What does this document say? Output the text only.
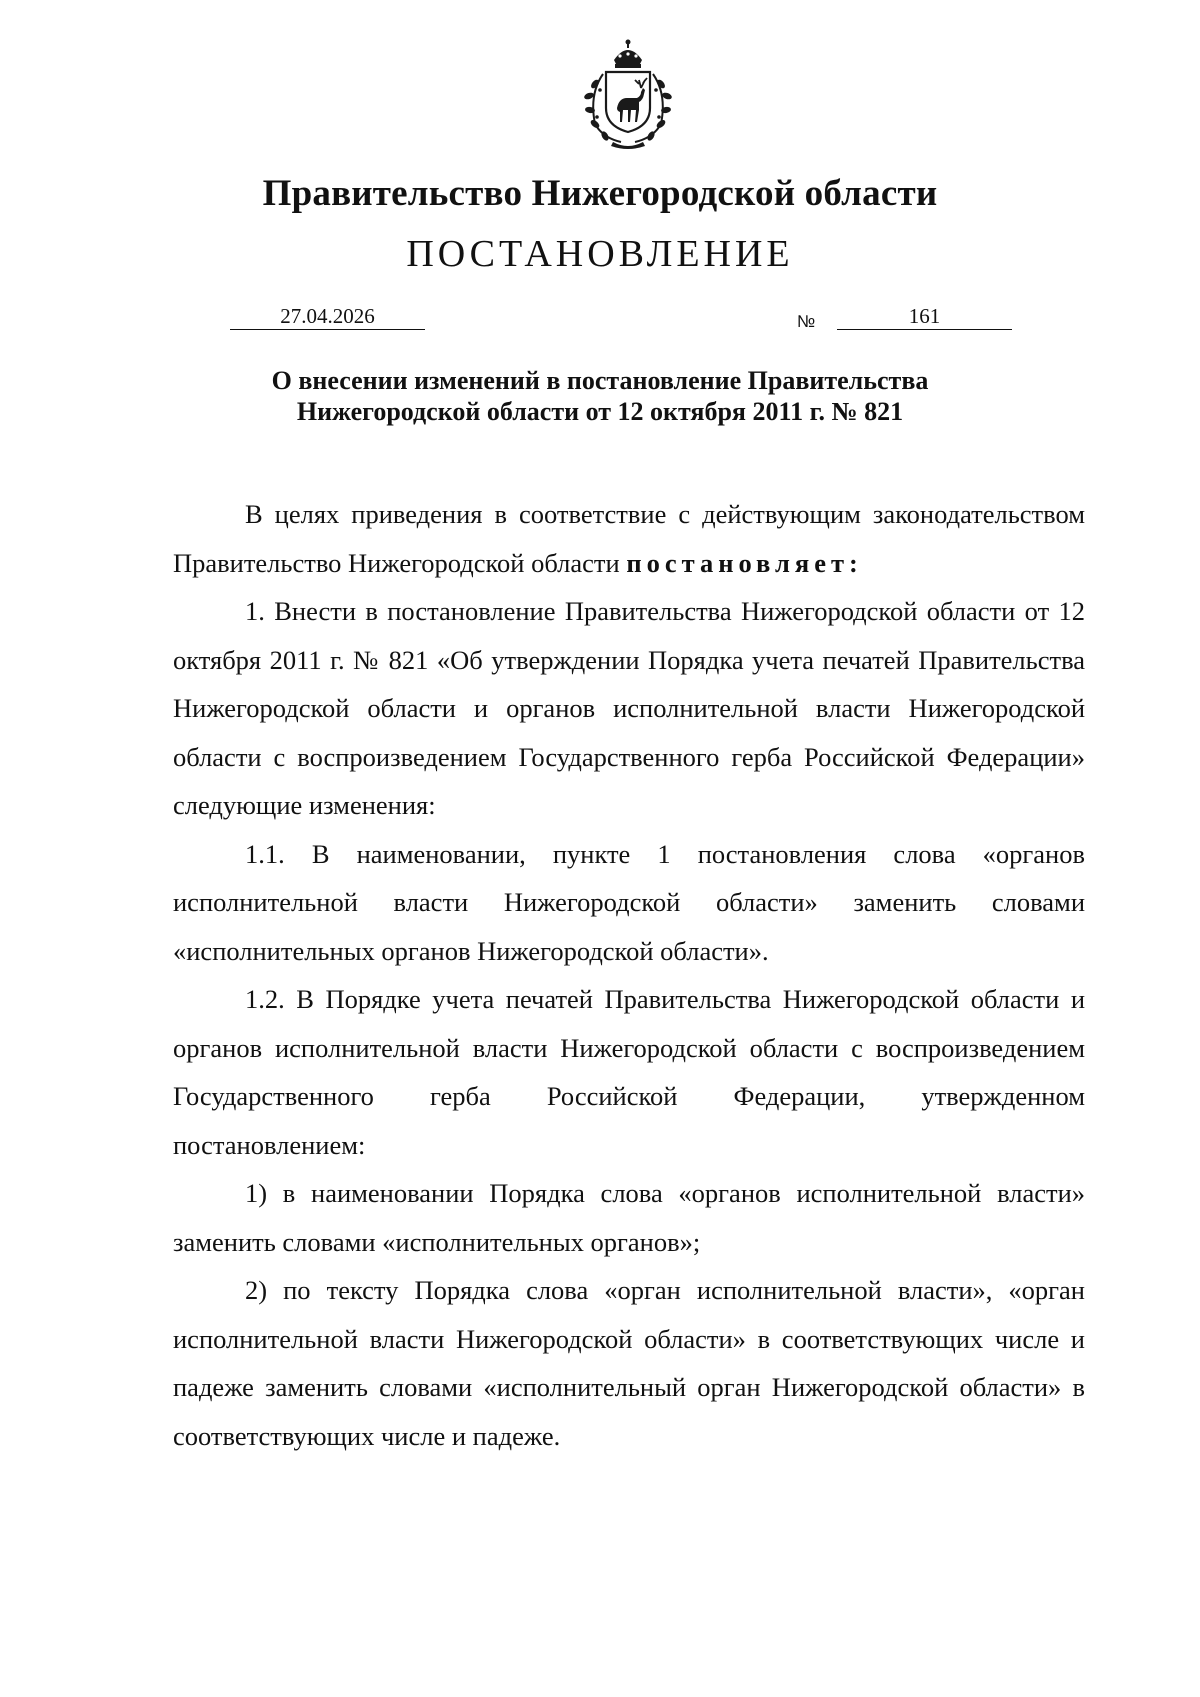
Правительство Нижегородской области
ПОСТАНОВЛЕНИЕ
27.04.2026	№	161
О внесении изменений в постановление Правительства
Нижегородской области от 12 октября 2011 г. № 821

В целях приведения в соответствие с действующим законодательством Правительство Нижегородской области постановляет:

1. Внести в постановление Правительства Нижегородской области от 12 октября 2011 г. № 821 «Об утверждении Порядка учета печатей Правительства Нижегородской области и органов исполнительной власти Нижегородской области с воспроизведением Государственного герба Российской Федерации» следующие изменения:

1.1. В наименовании, пункте 1 постановления слова «органов исполнительной власти Нижегородской области» заменить словами «исполнительных органов Нижегородской области».

1.2. В Порядке учета печатей Правительства Нижегородской области и органов исполнительной власти Нижегородской области с воспроизведением Государственного герба Российской Федерации, утвержденном постановлением:

1) в наименовании Порядка слова «органов исполнительной власти» заменить словами «исполнительных органов»;

2) по тексту Порядка слова «орган исполнительной власти», «орган исполнительной власти Нижегородской области» в соответствующих числе и падеже заменить словами «исполнительный орган Нижегородской области» в соответствующих числе и падеже.
